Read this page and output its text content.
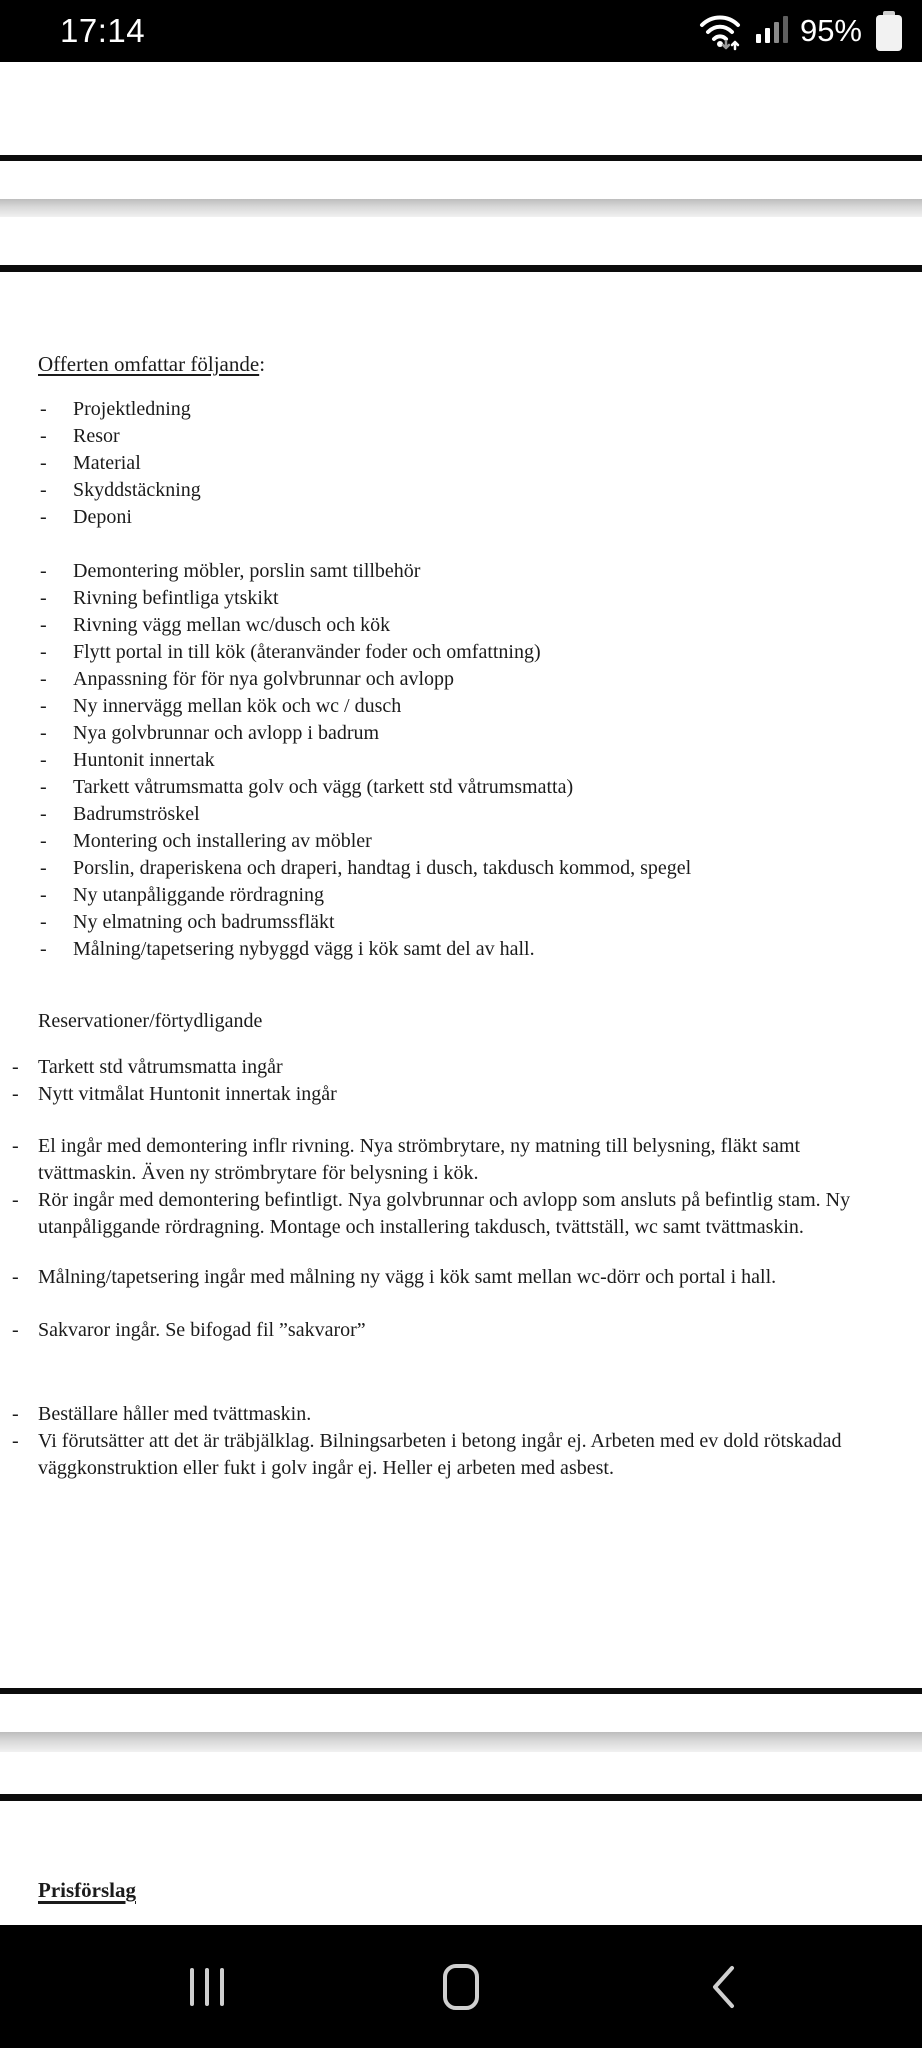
17:14	95%
Offerten omfattar följande:
-	Projektledning
-	Resor
-	Material
-	Skyddstäckning
-	Deponi
-	Demontering möbler, porslin samt tillbehör
-	Rivning befintliga ytskikt
-	Rivning vägg mellan wc/dusch och kök
-	Flytt portal in till kök (återanvänder foder och omfattning)
-	Anpassning för för nya golvbrunnar och avlopp
-	Ny innervägg mellan kök och wc / dusch
-	Nya golvbrunnar och avlopp i badrum
-	Huntonit innertak
-	Tarkett våtrumsmatta golv och vägg (tarkett std våtrumsmatta)
-	Badrumströskel
-	Montering och installering av möbler
-	Porslin, draperiskena och draperi, handtag i dusch, takdusch kommod, spegel
-	Ny utanpåliggande rördragning
-	Ny elmatning och badrumssfläkt
-	Målning/tapetsering nybyggd vägg i kök samt del av hall.
Reservationer/förtydligande
- Tarkett std våtrumsmatta ingår
- Nytt vitmålat Huntonit innertak ingår
- El ingår med demontering inflr rivning. Nya strömbrytare, ny matning till belysning, fläkt samt tvättmaskin. Även ny strömbrytare för belysning i kök.
- Rör ingår med demontering befintligt. Nya golvbrunnar och avlopp som ansluts på befintlig stam. Ny utanpåliggande rördragning. Montage och installering takdusch, tvättställ, wc samt tvättmaskin.
- Målning/tapetsering ingår med målning ny vägg i kök samt mellan wc-dörr och portal i hall.
- Sakvaror ingår. Se bifogad fil ”sakvaror”
- Beställare håller med tvättmaskin.
- Vi förutsätter att det är träbjälklag. Bilningsarbeten i betong ingår ej. Arbeten med ev dold rötskadad väggkonstruktion eller fukt i golv ingår ej. Heller ej arbeten med asbest.
Prisförslag
